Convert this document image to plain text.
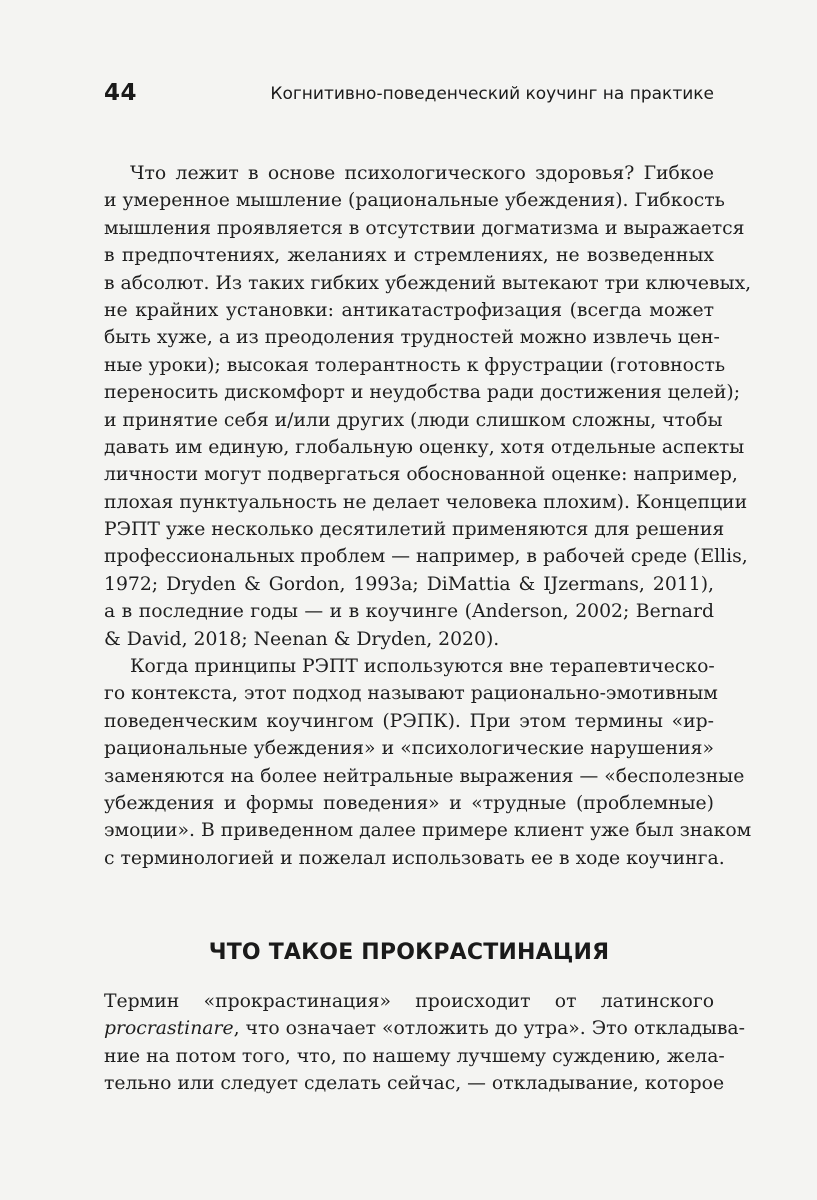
44	Когнитивно-поведенческий коучинг на практике
Что лежит в основе психологического здоровья? Гибкое
и умеренное мышление (рациональные убеждения). Гибкость
мышления проявляется в отсутствии догматизма и выражается
в предпочтениях, желаниях и стремлениях, не возведенных
в абсолют. Из таких гибких убеждений вытекают три ключевых,
не крайних установки: антикатастрофизация (всегда может
быть хуже, а из преодоления трудностей можно извлечь цен-
ные уроки); высокая толерантность к фрустрации (готовность
переносить дискомфорт и неудобства ради достижения целей);
и принятие себя и/или других (люди слишком сложны, чтобы
давать им единую, глобальную оценку, хотя отдельные аспекты
личности могут подвергаться обоснованной оценке: например,
плохая пунктуальность не делает человека плохим). Концепции
РЭПТ уже несколько десятилетий применяются для решения
профессиональных проблем — например, в рабочей среде (Ellis,
1972; Dryden & Gordon, 1993a; DiMattia & IJzermans, 2011),
а в последние годы — и в коучинге (Anderson, 2002; Bernard
& David, 2018; Neenan & Dryden, 2020).
Когда принципы РЭПТ используются вне терапевтическо-
го контекста, этот подход называют рационально-эмотивным
поведенческим коучингом (РЭПК). При этом термины «ир-
рациональные убеждения» и «психологические нарушения»
заменяются на более нейтральные выражения — «бесполезные
убеждения и формы поведения» и «трудные (проблемные)
эмоции». В приведенном далее примере клиент уже был знаком
с терминологией и пожелал использовать ее в ходе коучинга.
ЧТО ТАКОЕ ПРОКРАСТИНАЦИЯ
Термин «прокрастинация» происходит от латинского
procrastinare, что означает «отложить до утра». Это откладыва-
ние на потом того, что, по нашему лучшему суждению, жела-
тельно или следует сделать сейчас, — откладывание, которое
